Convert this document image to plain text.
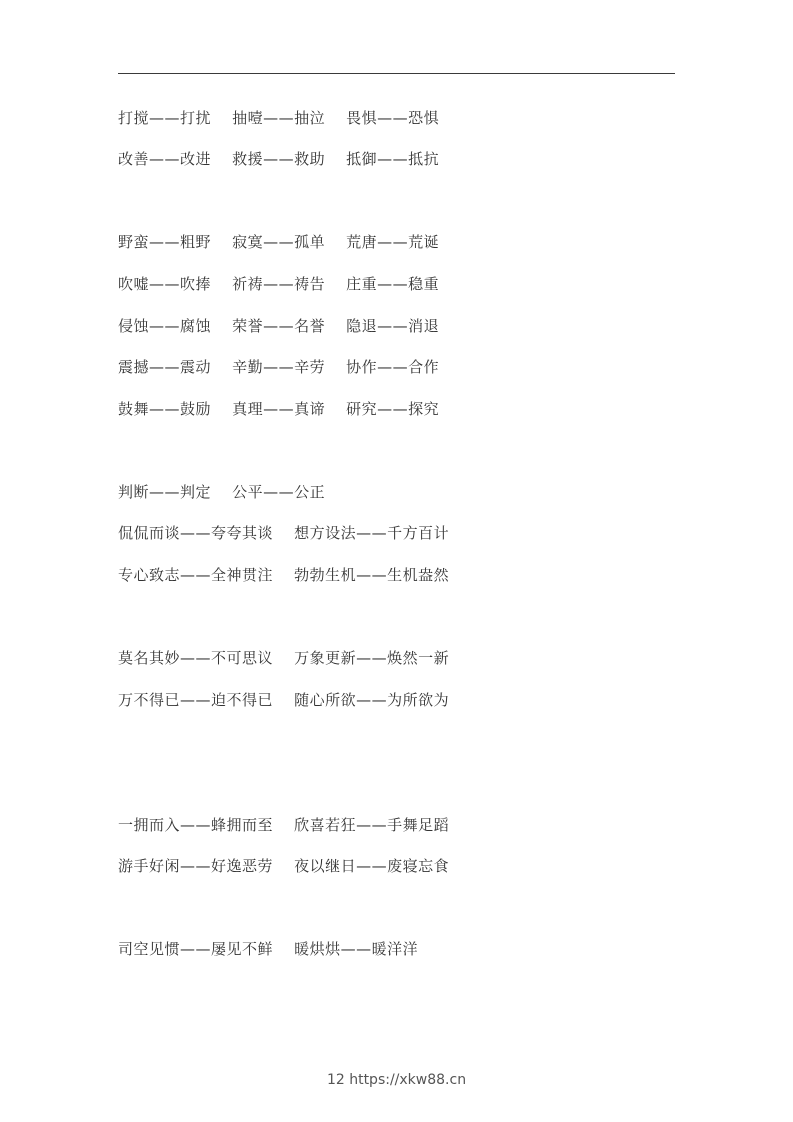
打搅——打扰    抽噎——抽泣    畏惧——恐惧
改善——改进    救援——救助    抵御——抵抗
野蛮——粗野    寂寞——孤单    荒唐——荒诞
吹嘘——吹捧    祈祷——祷告    庄重——稳重
侵蚀——腐蚀    荣誉——名誉    隐退——消退
震撼——震动    辛勤——辛劳    协作——合作
鼓舞——鼓励    真理——真谛    研究——探究
判断——判定    公平——公正
侃侃而谈——夸夸其谈    想方设法——千方百计
专心致志——全神贯注    勃勃生机——生机盎然
莫名其妙——不可思议    万象更新——焕然一新
万不得已——迫不得已    随心所欲——为所欲为
一拥而入——蜂拥而至    欣喜若狂——手舞足蹈
游手好闲——好逸恶劳    夜以继日——废寝忘食
司空见惯——屡见不鲜    暖烘烘——暖洋洋
12 https://xkw88.cn
